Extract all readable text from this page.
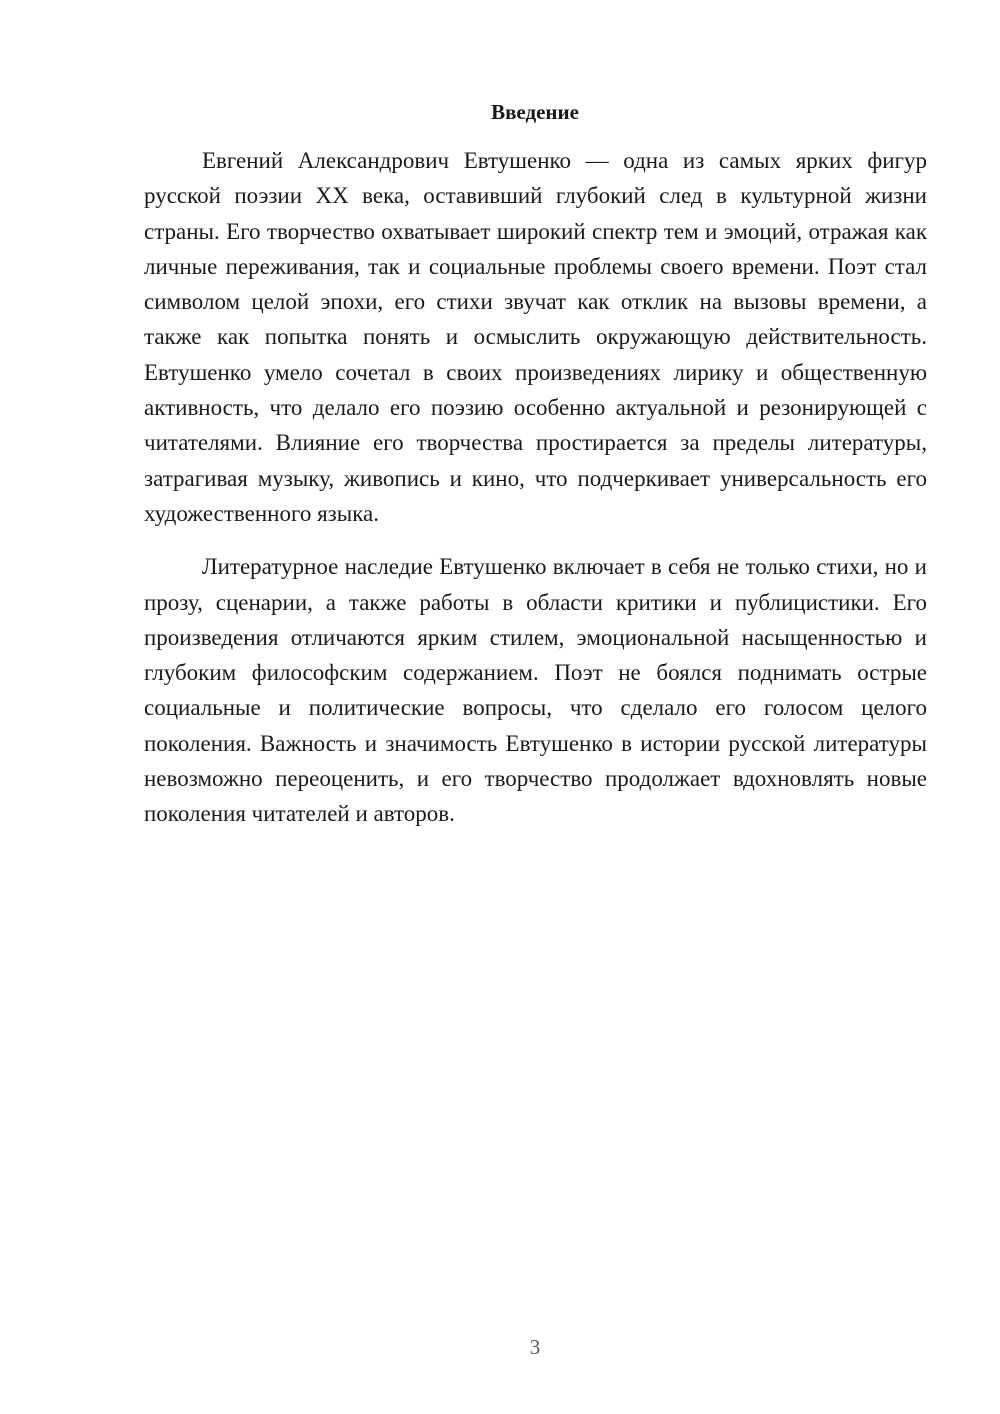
Введение

Евгений Александрович Евтушенко — одна из самых ярких фигур русской поэзии XX века, оставивший глубокий след в культурной жизни страны. Его творчество охватывает широкий спектр тем и эмоций, отражая как личные переживания, так и социальные проблемы своего времени. Поэт стал символом целой эпохи, его стихи звучат как отклик на вызовы времени, а также как попытка понять и осмыслить окружающую действительность. Евтушенко умело сочетал в своих произведениях лирику и общественную активность, что делало его поэзию особенно актуальной и резонирующей с читателями. Влияние его творчества простирается за пределы литературы, затрагивая музыку, живопись и кино, что подчеркивает универсальность его художественного языка.

Литературное наследие Евтушенко включает в себя не только стихи, но и прозу, сценарии, а также работы в области критики и публицистики. Его произведения отличаются ярким стилем, эмоциональной насыщенностью и глубоким философским содержанием. Поэт не боялся поднимать острые социальные и политические вопросы, что сделало его голосом целого поколения. Важность и значимость Евтушенко в истории русской литературы невозможно переоценить, и его творчество продолжает вдохновлять новые поколения читателей и авторов.

3
